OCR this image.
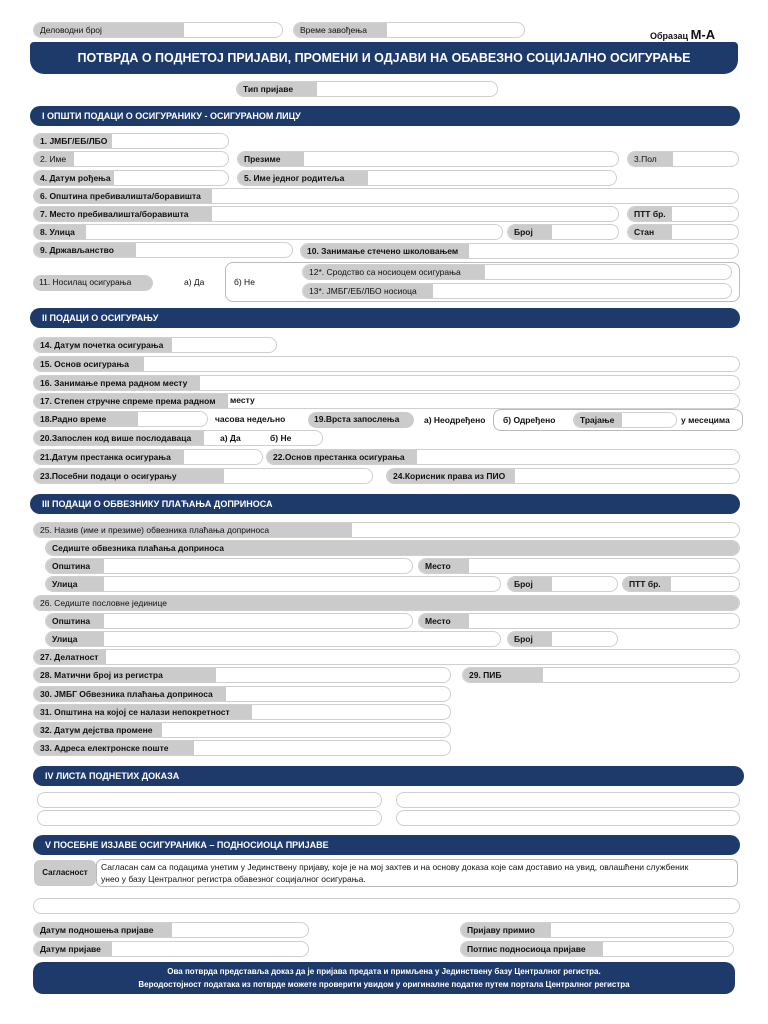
Деловодни број	Време завођења
Образац М-А
ПОТВРДА О ПОДНЕТОЈ ПРИЈАВИ, ПРОМЕНИ И ОДЈАВИ НА ОБАВЕЗНО СОЦИЈАЛНО ОСИГУРАЊЕ
Тип пријаве
I ОПШТИ ПОДАЦИ О ОСИГУРАНИКУ - ОСИГУРАНОМ ЛИЦУ
1. ЈМБГ/ЕБ/ЛБО
2. Име	Презиме	3.Пол
4. Датум рођења	5. Име једног родитеља
6. Општина пребивалишта/боравишта
7. Место пребивалишта/боравишта	ПТТ бр.
8. Улица	Број	Стан
9. Држављанство	10. Занимање стечено школовањем
11. Носилац осигурања	а) Да	б) Не
12*. Сродство са носиоцем осигурања
13*. ЈМБГ/ЕБ/ЛБО носиоца
II ПОДАЦИ О ОСИГУРАЊУ
14. Датум почетка осигурања
15. Основ осигурања
16. Занимање према радном месту
17. Степен стручне спреме према радном	месту
18.Радно време	часова недељно	19.Врста запослења	а) Неодређено б) Одређено	Трајање	у месецима
20.Запослен код више послодаваца	а) Да	б) Не
21.Датум престанка осигурања	22.Основ престанка осигурања
23.Посебни подаци о осигурању	24.Корисник права из ПИО
III ПОДАЦИ О ОБВЕЗНИКУ ПЛАЋАЊА ДОПРИНОСА
25. Назив (име и презиме) обвезника плаћања доприноса
Седиште обвезника плаћања доприноса
Општина	Место
Улица	Број	ПТТ бр.
26. Седиште пословне јединице
Општина	Место
Улица	Број
27. Делатност
28. Матични број из регистра	29. ПИБ
30. ЈМБГ Обвезника плаћања доприноса
31. Општина на којој се налази непокретност
32. Датум дејства промене
33. Адреса електронске поште
IV ЛИСТА ПОДНЕТИХ ДОКАЗА
V ПОСЕБНЕ ИЗЈАВЕ ОСИГУРАНИКА – ПОДНОСИОЦА ПРИЈАВЕ
Сагласност
Сагласан сам са подацима унетим у Јединствену пријаву, које је на мој захтев и на основу доказа које сам доставио на увид, овлашћени службеник
унео у базу Централног регистра обавезног социјалног осигурања.
Датум подношења пријаве	Пријаву примио
Датум пријаве	Потпис подносиоца пријаве
Ова потврда представља доказ да је пријава предата и примљена у Јединствену базу Централног регистра.
Веродостојност података из потврде можете проверити увидом у оригиналне податке путем портала Централног регистра
